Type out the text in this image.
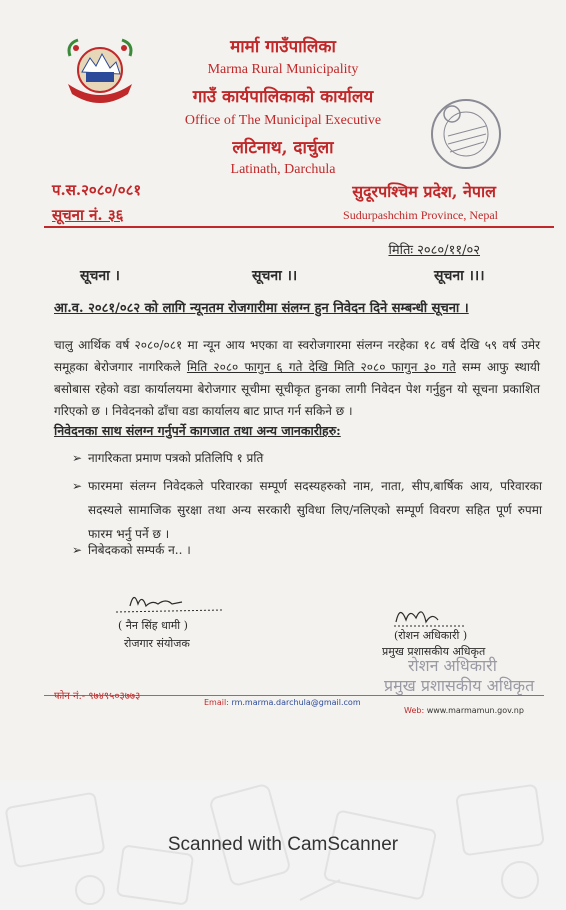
मार्मा गाउँपालिका
Marma Rural Municipality
गाउँ कार्यपालिकाको कार्यालय
Office of The Municipal Executive
लटिनाथ, दार्चुला
Latinath, Darchula
प.स.२०८०/०८१
सूचना नं. ३६
सुदूरपश्चिम प्रदेश, नेपाल
Sudurpashchim Province, Nepal
मितिः २०८०/११/०२
सूचना ।	सूचना ।।	सूचना ।।।
आ.व. २०८१/०८२ को लागि न्यूनतम रोजगारीमा संलग्न हुन निवेदन दिने सम्बन्धी सूचना ।
चालु आर्थिक वर्ष २०८०/०८१ मा न्यून आय भएका वा स्वरोजगारमा संलग्न नरहेका १८ वर्ष देखि ५९ वर्ष उमेर समूहका बेरोजगार नागरिकले मिति २०८० फागुन ६ गते देखि मिति २०८० फागुन ३० गते सम्म आफु स्थायी बसोबास रहेको वडा कार्यालयमा बेरोजगार सूचीमा सूचीकृत हुनका लागी निवेदन पेश गर्नुहुन यो सूचना प्रकाशित गरिएको छ । निवेदनको ढाँचा वडा कार्यालय बाट प्राप्त गर्न सकिने छ ।
निवेदनका साथ संलग्न गर्नुपर्ने कागजात तथा अन्य जानकारीहरु:
➢ नागरिकता प्रमाण पत्रको प्रतिलिपि १ प्रति
➢ फारममा संलग्न निवेदकले परिवारका सम्पूर्ण सदस्यहरुको नाम, नाता, सीप,बार्षिक आय, परिवारका सदस्यले सामाजिक सुरक्षा तथा अन्य सरकारी सुविधा लिए/नलिएको सम्पूर्ण विवरण सहित पूर्ण रुपमा फारम भर्नु पर्ने छ ।
➢ निबेदकको सम्पर्क न.. ।
( नैन सिंह धामी )
रोजगार संयोजक
(रोशन अधिकारी )
प्रमुख प्रशासकीय अधिकृत
रोशन अधिकारी
प्रमुख प्रशासकीय अधिकृत
फोन नं.- ९७४९५०३७७३
Email: rm.marma.darchula@gmail.com
Web: www.marmamun.gov.np
Scanned with CamScanner
